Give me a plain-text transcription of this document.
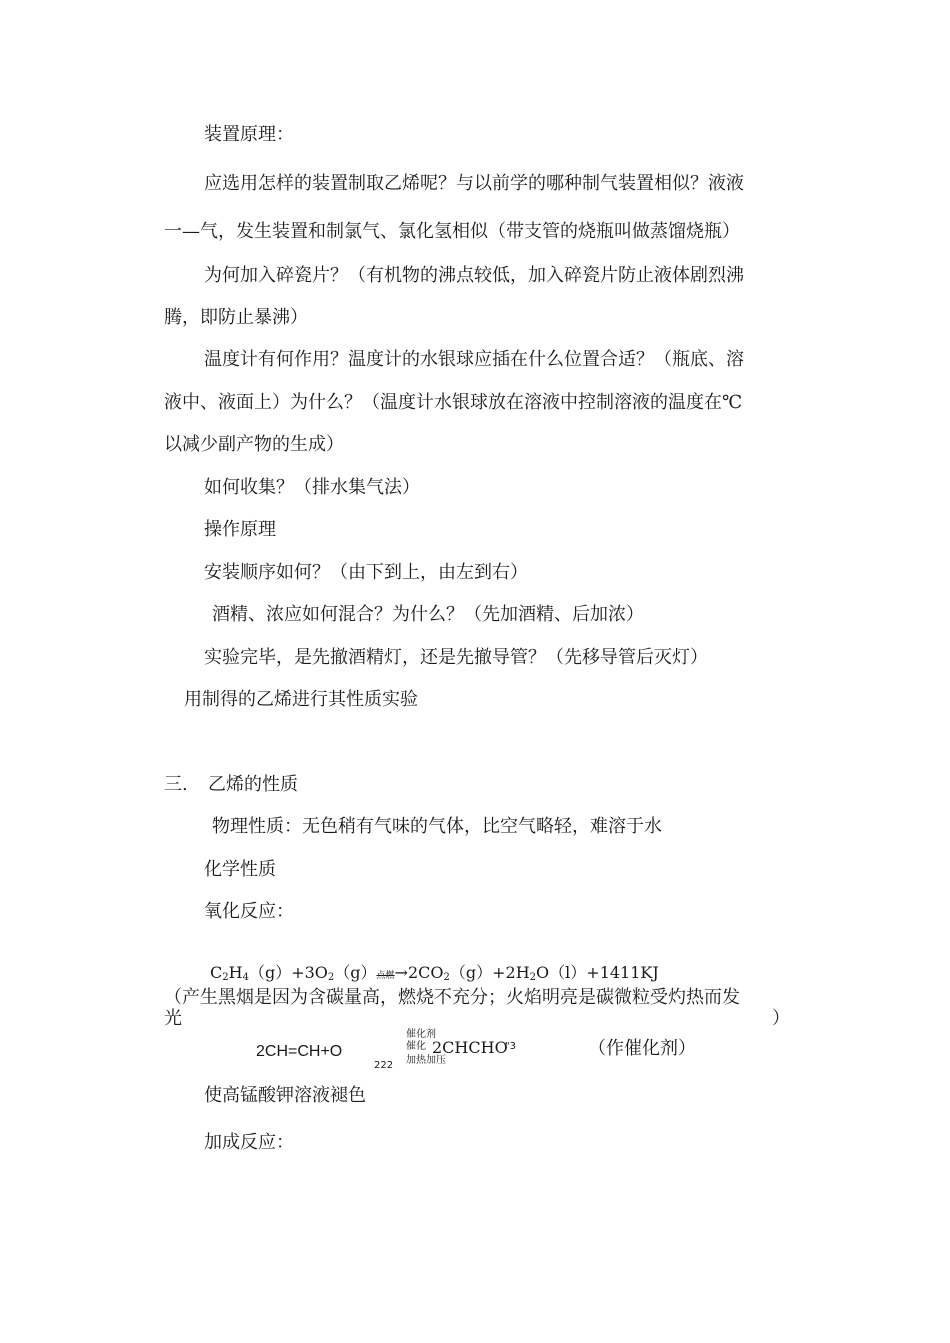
装置原理：

应选用怎样的装置制取乙烯呢？与以前学的哪种制气装置相似？液液

一—气，发生装置和制氯气、氯化氢相似（带支管的烧瓶叫做蒸馏烧瓶）

为何加入碎瓷片？（有机物的沸点较低，加入碎瓷片防止液体剧烈沸

腾，即防止暴沸）

温度计有何作用？温度计的水银球应插在什么位置合适？（瓶底、溶

液中、液面上）为什么？（温度计水银球放在溶液中控制溶液的温度在℃

以减少副产物的生成）

如何收集？（排水集气法）

操作原理

安装顺序如何？（由下到上，由左到右）

酒精、浓应如何混合？为什么？（先加酒精、后加浓）

实验完毕，是先撤酒精灯，还是先撤导管？（先移导管后灭灯）

用制得的乙烯进行其性质实验

三. 乙烯的性质

物理性质：无色稍有气味的气体，比空气略轻，难溶于水

化学性质

氧化反应：

$C_2H_4(g)+3O_2(g)$点燃$\to 2CO_2(g)+2H_2O(l)+1411KJ$

（产生黑烟是因为含碳量高，燃烧不充分；火焰明亮是碳微粒受灼热而发

光	）

2CH=CH+O

222
催化剂
催化 2CHCHO

"3
加热加压

（作催化剂）

使高锰酸钾溶液褪色

加成反应：
